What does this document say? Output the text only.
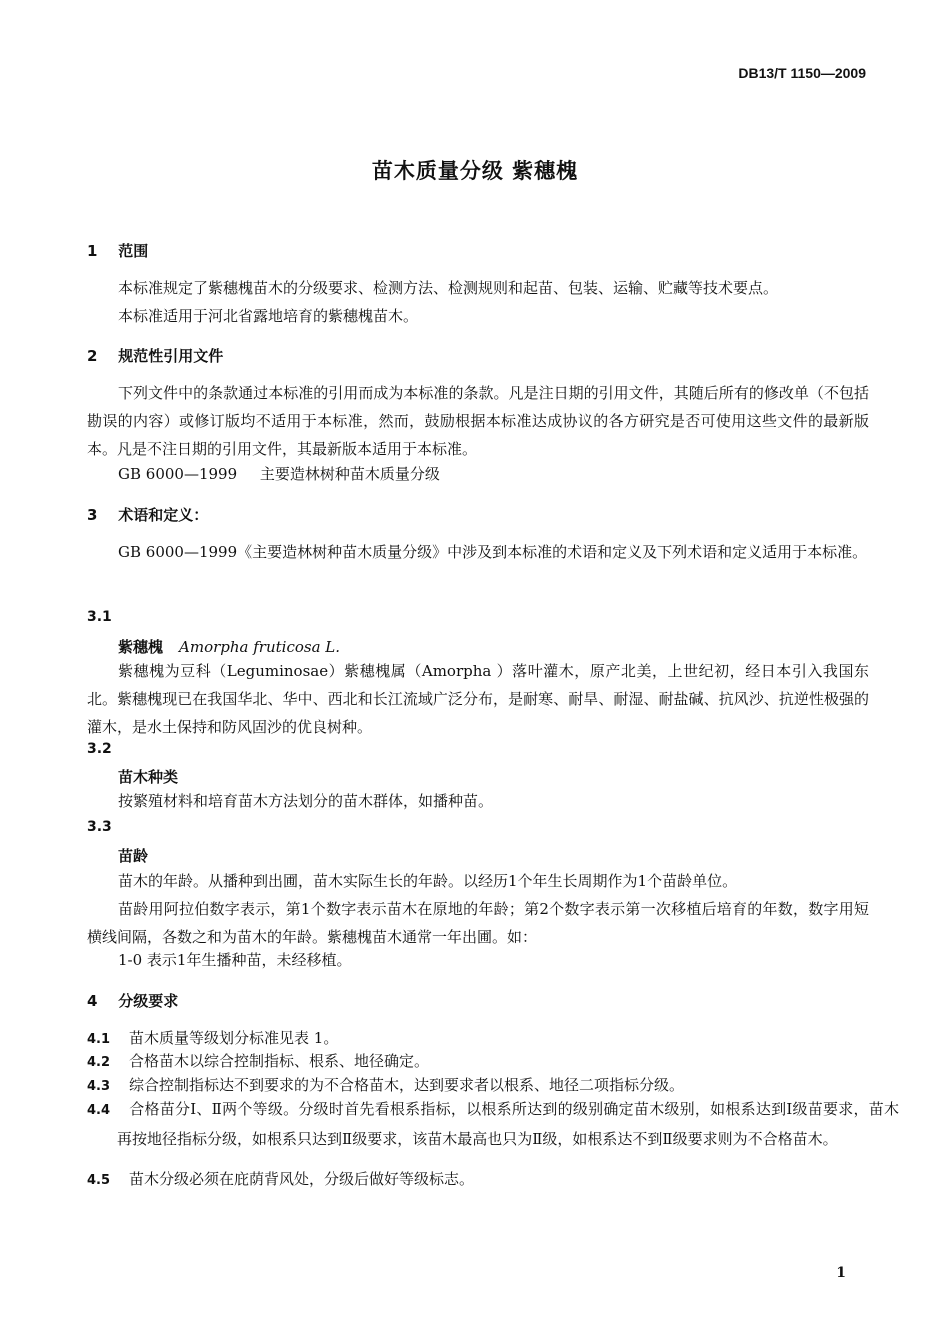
DB13/T 1150—2009
苗木质量分级 紫穗槐
1 范围

本标准规定了紫穗槐苗木的分级要求、检测方法、检测规则和起苗、包装、运输、贮藏等技术要点。

本标准适用于河北省露地培育的紫穗槐苗木。

2 规范性引用文件

下列文件中的条款通过本标准的引用而成为本标准的条款。凡是注日期的引用文件，其随后所有的修改单（不包括勘误的内容）或修订版均不适用于本标准，然而，鼓励根据本标准达成协议的各方研究是否可使用这些文件的最新版本。凡是不注日期的引用文件，其最新版本适用于本标准。

GB 6000—1999 主要造林树种苗木质量分级
3 术语和定义：

GB 6000—1999《主要造林树种苗木质量分级》中涉及到本标准的术语和定义及下列术语和定义适用于本标准。

3.1
紫穗槐 Amorpha fruticosa L.

紫穗槐为豆科（Leguminosae）紫穗槐属（Amorpha ）落叶灌木，原产北美，上世纪初，经日本引入我国东北。紫穗槐现已在我国华北、华中、西北和长江流域广泛分布，是耐寒、耐旱、耐湿、耐盐碱、抗风沙、抗逆性极强的灌木，是水土保持和防风固沙的优良树种。

3.2
苗木种类

按繁殖材料和培育苗木方法划分的苗木群体，如播种苗。

3.3
苗龄

苗木的年龄。从播种到出圃，苗木实际生长的年龄。以经历1个年生长周期作为1个苗龄单位。

苗龄用阿拉伯数字表示，第1个数字表示苗木在原地的年龄；第2个数字表示第一次移植后培育的年数，数字用短横线间隔，各数之和为苗木的年龄。紫穗槐苗木通常一年出圃。如：

1-0 表示1年生播种苗，未经移植。
4 分级要求

4.1 苗木质量等级划分标准见表 1。

4.2 合格苗木以综合控制指标、根系、地径确定。

4.3 综合控制指标达不到要求的为不合格苗木，达到要求者以根系、地径二项指标分级。

4.4 合格苗分Ⅰ、Ⅱ两个等级。分级时首先看根系指标，以根系所达到的级别确定苗木级别，如根系达到Ⅰ级苗要求，苗木再按地径指标分级，如根系只达到Ⅱ级要求，该苗木最高也只为Ⅱ级，如根系达不到Ⅱ级要求则为不合格苗木。

4.5 苗木分级必须在庇荫背风处，分级后做好等级标志。

1
